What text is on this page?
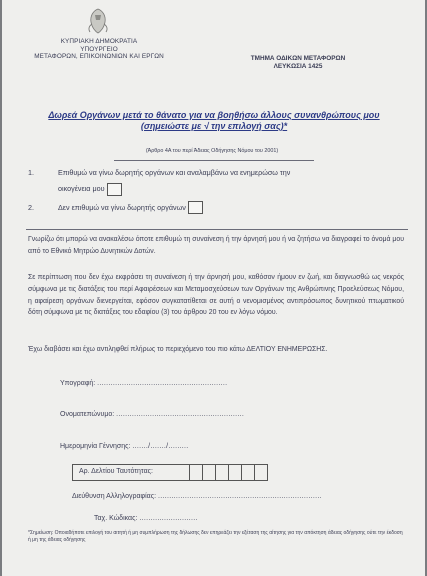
ΚΥΠΡΙΑΚΗ ΔΗΜΟΚΡΑΤΙΑ
ΥΠΟΥΡΓΕΙΟ
ΜΕΤΑΦΟΡΩΝ, ΕΠΙΚΟΙΝΩΝΙΩΝ ΚΑΙ ΕΡΓΩΝ	ΤΜΗΜΑ ΟΔΙΚΩΝ ΜΕΤΑΦΟΡΩΝ
ΛΕΥΚΩΣΙΑ 1425
Δωρεά Οργάνων μετά το θάνατο για να βοηθήσω άλλους συνανθρώπους μου
(σημειώστε με √ την επιλογή σας)*
(Άρθρο 4Α του περί Άδειας Οδήγησης Νόμου του 2001)
1.	Επιθυμώ να γίνω δωρητής οργάνων και αναλαμβάνω να ενημερώσω την
οικογένεια μου
2.	Δεν επιθυμώ να γίνω δωρητής οργάνων
Γνωρίζω ότι μπορώ να ανακαλέσω όποτε επιθυμώ τη συναίνεση ή την άρνησή μου ή να ζητήσω να διαγραφεί το όνομά μου από το Εθνικό Μητρώο Δυνητικών Δοτών.
Σε περίπτωση που δεν έχω εκφράσει τη συναίνεση ή την άρνησή μου, καθόσον ήμουν εν ζωή, και διαγνωσθώ ως νεκρός σύμφωνα με τις διατάξεις του περί Αφαιρέσεων και Μεταμοσχεύσεων των Οργάνων της Ανθρώπινης Προελεύσεως Νόμου, η αφαίρεση οργάνων διενεργείται, εφόσον συγκατατίθεται σε αυτή ο νενομισμένος αντιπρόσωπος δυνητικού πτωματικού δότη σύμφωνα με τις διατάξεις του εδαφίου (3) του άρθρου 20 του εν λόγω νόμου.
Έχω διαβάσει και έχω αντιληφθεί πλήρως το περιεχόμενο του πιο κάτω ΔΕΛΤΙΟΥ ΕΝΗΜΕΡΩΣΗΣ.
Υπογραφή: ..........................................................
Ονοματεπώνυμο: .........................................................
Ημερομηνία Γέννησης: ......./......./.........
Αρ. Δελτίου Ταυτότητας:
Διεύθυνση Αλληλογραφίας: .........................................................................
Ταχ. Κώδικας: ..........................
*Σημείωση: Οποιαδήποτε επιλογή του αιτητή ή μη συμπλήρωση της δήλωσης δεν επηρεάζει την εξέταση της αίτησης για την απόκτηση άδειας οδήγησης ούτε την έκδοση ή μη της άδειας οδήγησης
